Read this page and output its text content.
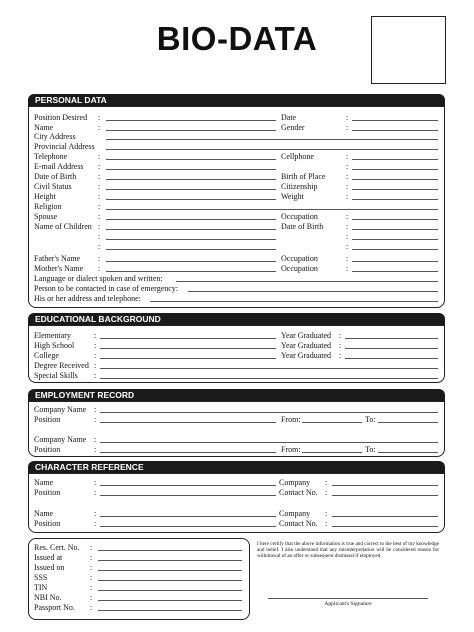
BIO-DATA
PERSONAL DATA
Position Desired :	Date	:
Name	:	Gender	:
City Address
Provincial Address
Telephone	:	Cellphone	:
E-mail Address :	:
Date of Birth	:	Birth of Place	:
Civil Status	:	Citizenship	:
Height	:	Weight	:
Religion	:
Spouse	:	Occupation	:
Name of Children :	Date of Birth	:
:	:
:	:
Father's Name :	Occupation	:
Mother's Name :	Occupation	:
Language or dialect spoken and written:
Person to be contacted in case of emergency:
His or her address and telephone:
EDUCATIONAL BACKGROUND
Elementary	:	Year Graduated :
High School :	Year Graduated :
College	:	Year Graduated :
Degree Received :
Special Skills :
EMPLOYMENT RECORD
Company Name :
Position	:	From:	To:
Company Name :
Position	:	From:	To:
CHARACTER REFERENCE
Name	:	Company :
Position	:	Contact No. :
Name	:	Company :
Position	:	Contact No. :
Res. Cert. No. :
Issued at	:
Issued on	:
SSS	:
TIN	:
NBI No.	:
Passport No. :
I here certify that the above information is true and correct to the best of my knowledge and belief. I also understand that any misinterpretation will be considered reason for withdrawal of an offer or subsequent dismissal if employed.
Applicant's Signature
